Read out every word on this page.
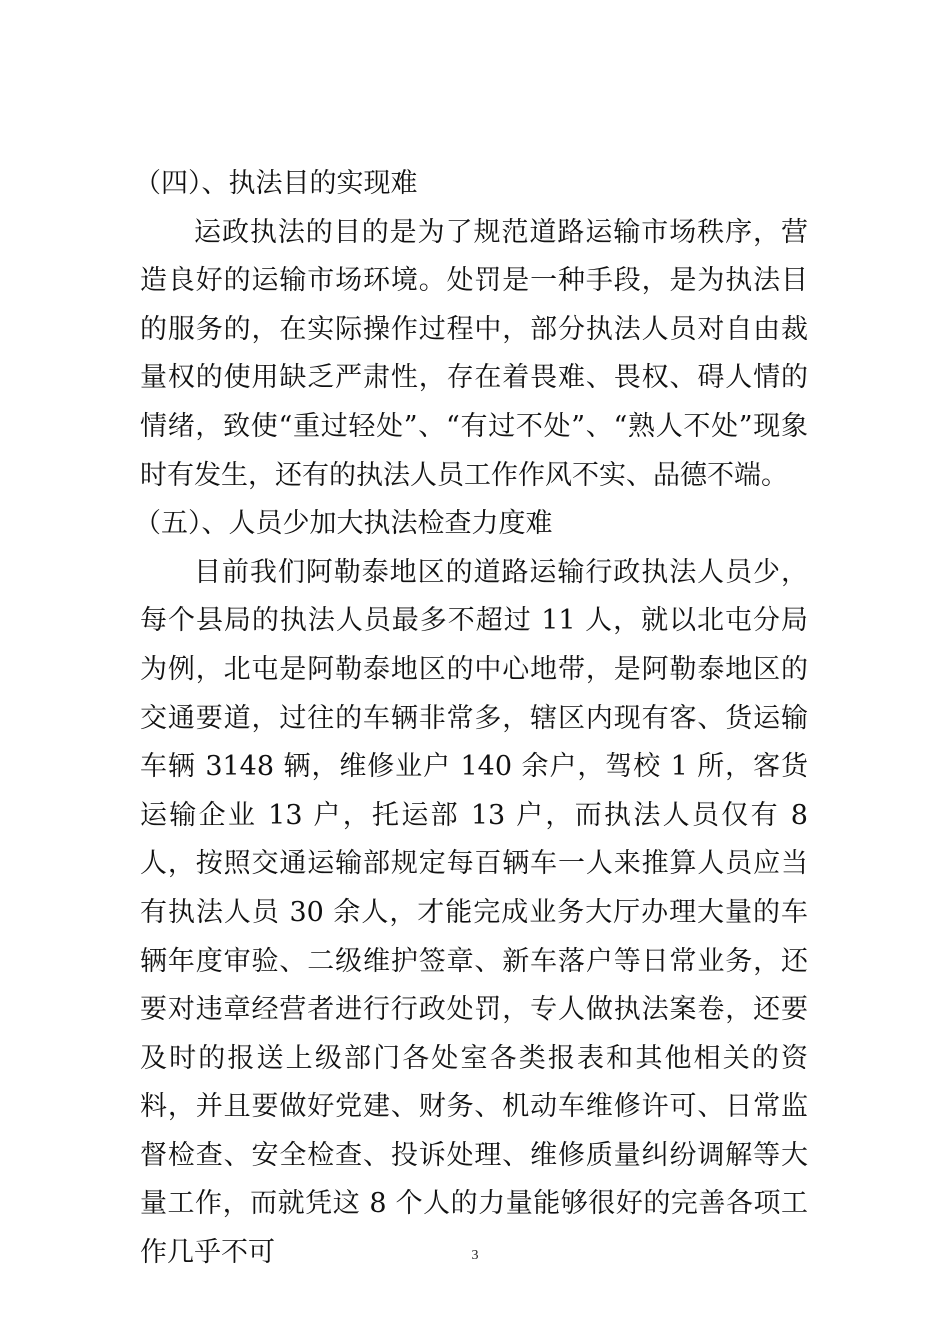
（四）、执法目的实现难

运政执法的目的是为了规范道路运输市场秩序，营造良好的运输市场环境。处罚是一种手段，是为执法目的服务的，在实际操作过程中，部分执法人员对自由裁量权的使用缺乏严肃性，存在着畏难、畏权、碍人情的情绪，致使“重过轻处”、“有过不处”、“熟人不处”现象时有发生，还有的执法人员工作作风不实、品德不端。

（五）、人员少加大执法检查力度难

目前我们阿勒泰地区的道路运输行政执法人员少，每个县局的执法人员最多不超过 11 人，就以北屯分局为例，北屯是阿勒泰地区的中心地带，是阿勒泰地区的交通要道，过往的车辆非常多，辖区内现有客、货运输车辆 3148 辆，维修业户 140 余户，驾校 1 所，客货运输企业 13 户，托运部 13 户，而执法人员仅有 8 人，按照交通运输部规定每百辆车一人来推算人员应当有执法人员 30 余人，才能完成业务大厅办理大量的车辆年度审验、二级维护签章、新车落户等日常业务，还要对违章经营者进行行政处罚，专人做执法案卷，还要及时的报送上级部门各处室各类报表和其他相关的资料，并且要做好党建、财务、机动车维修许可、日常监督检查、安全检查、投诉处理、维修质量纠纷调解等大量工作，而就凭这 8 个人的力量能够很好的完善各项工作几乎不可	3
